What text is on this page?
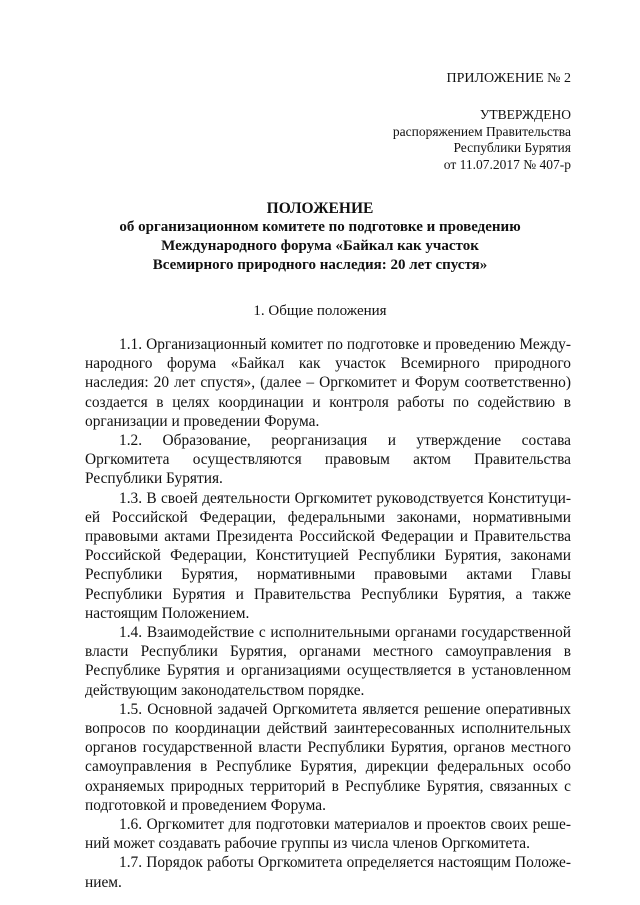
ПРИЛОЖЕНИЕ № 2
УТВЕРЖДЕНО
распоряжением Правительства
Республики Бурятия
от 11.07.2017 № 407-р
ПОЛОЖЕНИЕ
об организационном комитете по подготовке и проведению
Международного форума «Байкал как участок
Всемирного природного наследия: 20 лет спустя»
1. Общие положения

1.1. Организационный комитет по подготовке и проведению Международного форума «Байкал как участок Всемирного природного наследия: 20 лет спустя», (далее – Оргкомитет и Форум соответственно) создается в целях координации и контроля работы по содействию в организации и проведении Форума.

1.2. Образование, реорганизация и утверждение состава Оргкомитета осуществляются правовым актом Правительства Республики Бурятия.

1.3. В своей деятельности Оргкомитет руководствуется Конституцией Российской Федерации, федеральными законами, нормативными правовыми актами Президента Российской Федерации и Правительства Российской Федерации, Конституцией Республики Бурятия, законами Республики Бурятия, нормативными правовыми актами Главы Республики Бурятия и Правительства Республики Бурятия, а также настоящим Положением.

1.4. Взаимодействие с исполнительными органами государственной власти Республики Бурятия, органами местного самоуправления в Республике Бурятия и организациями осуществляется в установленном действующим законодательством порядке.

1.5. Основной задачей Оргкомитета является решение оперативных вопросов по координации действий заинтересованных исполнительных органов государственной власти Республики Бурятия, органов местного самоуправления в Республике Бурятия, дирекции федеральных особо охраняемых природных территорий в Республике Бурятия, связанных с подготовкой и проведением Форума.

1.6. Оргкомитет для подготовки материалов и проектов своих решений может создавать рабочие группы из числа членов Оргкомитета.

1.7. Порядок работы Оргкомитета определяется настоящим Положением.
